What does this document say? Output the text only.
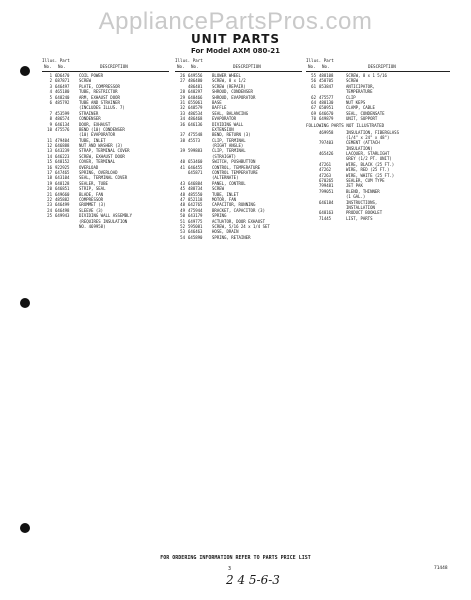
AppliancePartsPros.com
UNIT PARTS
For Model AXM 080-21
Illus. Part

No.

No.

	DESCRIPTION

1 6D6470 COIL POWER
2 687871 SCREW
3 646497 PLATE, COMPRESSOR
4 465180 TUBE, RESTRICTOR
5 648240 ARM, EXHAUST DOOR
6 485792 TUBE AND STRAINER
(INCLUDES ILLUS. 7)
7 453599 STRAINER
8 486574 CONDENSER
9 646134 DOOR, EXHAUST
10 475576 BEND (10) CONDENSER
(10) EVAPORATOR
11 479404 TUBE, INLET
12 646888 NUT AND WASHER (3)
13 643239 STRAP, TERMINAL COVER
14 646223 SCREW, EXHAUST DOOR
15 648152 COVER, TERMINAL
16 922925 OVERLOAD
17 647465 SPRING, OVERLOAD
18 643104 SEAL, TERMINAL COVER
19 648128 SEALER, TUBE
20 646851 STRIP, SEAL
21 649660 BLADE, FAN
22 485882 COMPRESSOR
23 646499 GROMMET (3)
24 646498 SLEEVE (3)
25 649943 DIVIDING WALL ASSEMBLY
(REQUIRES INSULATION
NO. 469958)
Illus. Part

No.

No.

	DESCRIPTION

26 649556 BLOWER WHEEL
27 486480 SCREW, 8 x 1/2
486481 SCREW (REPAIR)
28 648297 SHROUD, CONDENSER
29 648466 SHROUD, EVAPORATOR
31 655061 BASE
32 648579 BAFFLE
33 486534 SEAL, BALANCING
34 486468 EVAPORATOR
36 646136 DIVIDING WALL
EXTENSION
37 475548 BEND, RETURN (3)
38 45573	CLIP, TERMINAL
(RIGHT ANGLE)
39 599883 CLIP, TERMINAL
(STRAIGHT)
40 653460 SWITCH, PUSHBUTTON
41 646455 CONTROL, TEMPERATURE
645871 CONTROL TEMPERATURE
(ALTERNATE)
43 646884 PANEL, CONTROL
45 488734 SCREW
48 485550 TUBE, INLET
47 852118 MOTOR, FAN
48 642765 CAPACITOR, RUNNING
49 475944 BRACKET, CAPACITOR (3)
50 643179 SPRING
51 649775 ACTUATOR, DOOR EXHAUST
52 595081 SCREW, 5/16 24 x 1/4 SET
53 646463 HOSE, DRAIN
54 645890 SPRING, RETAINER
Illus. Part

No.

No.

	DESCRIPTION

55 488108	SCREW, 8 x 1 5/16
56 458705	SCREW
61 853847	ANTICIPATOR,
TEMPERATURE
62 475577	CLIP
64 488130	NUT KEPS
67 650951	CLAMP, CABLE
69 646670	SEAL, CONDENSATE
70 649879	UNIT, SUPPORT
FOLLOWING PARTS NOT ILLUSTRATED
469958	INSULATION, FIBERGLASS
(1/4" x 24" x 48")
797403	CEMENT (ATTACH
INSULATION)
465426	LACQUER, STARLIGHT
GREY (1/2 PT. UNIT)
47261	WIRE, BLACK (25 FT.)
47262	WIRE, RED (25 FT.)
47263	WIRE, WHITE (25 FT.)
670265	SEALER, CUM TYPE
799481	JET PAK
799051	BLEND, THINNER
(1 GAL.)
646184	INSTRUCTIONS,
INSTALLATION
648163	PRODUCT BOOKLET
71445	LIST, PARTS
FOR ORDERING INFORMATION REFER TO PARTS PRICE LIST
3	71448
2 4 5-6-3
